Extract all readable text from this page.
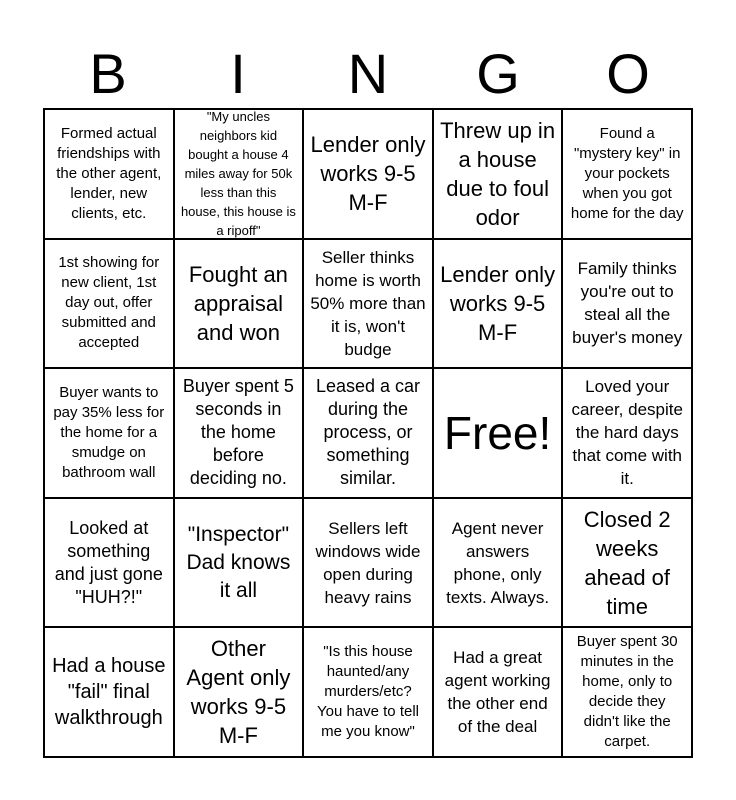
B	I	N	G	O
Formed actual friendships with the other agent, lender, new clients, etc.
"My uncles neighbors kid bought a house 4 miles away for 50k less than this house, this house is a ripoff"
Lender only works 9-5 M-F
Threw up in a house due to foul odor
Found a "mystery key" in your pockets when you got home for the day
1st showing for new client, 1st day out, offer submitted and accepted
Fought an appraisal and won
Seller thinks home is worth 50% more than it is, won't budge
Lender only works 9-5 M-F
Family thinks you're out to steal all the buyer's money
Buyer wants to pay 35% less for the home for a smudge on bathroom wall
Buyer spent 5 seconds in the home before deciding no.
Leased a car during the process, or something similar.
Free!
Loved your career, despite the hard days that come with it.
Looked at something and just gone "HUH?!"
"Inspector" Dad knows it all
Sellers left windows wide open during heavy rains
Agent never answers phone, only texts. Always.
Closed 2 weeks ahead of time
Had a house "fail" final walkthrough
Other Agent only works 9-5 M-F
"Is this house haunted/any murders/etc? You have to tell me you know"
Had a great agent working the other end of the deal
Buyer spent 30 minutes in the home, only to decide they didn't like the carpet.
